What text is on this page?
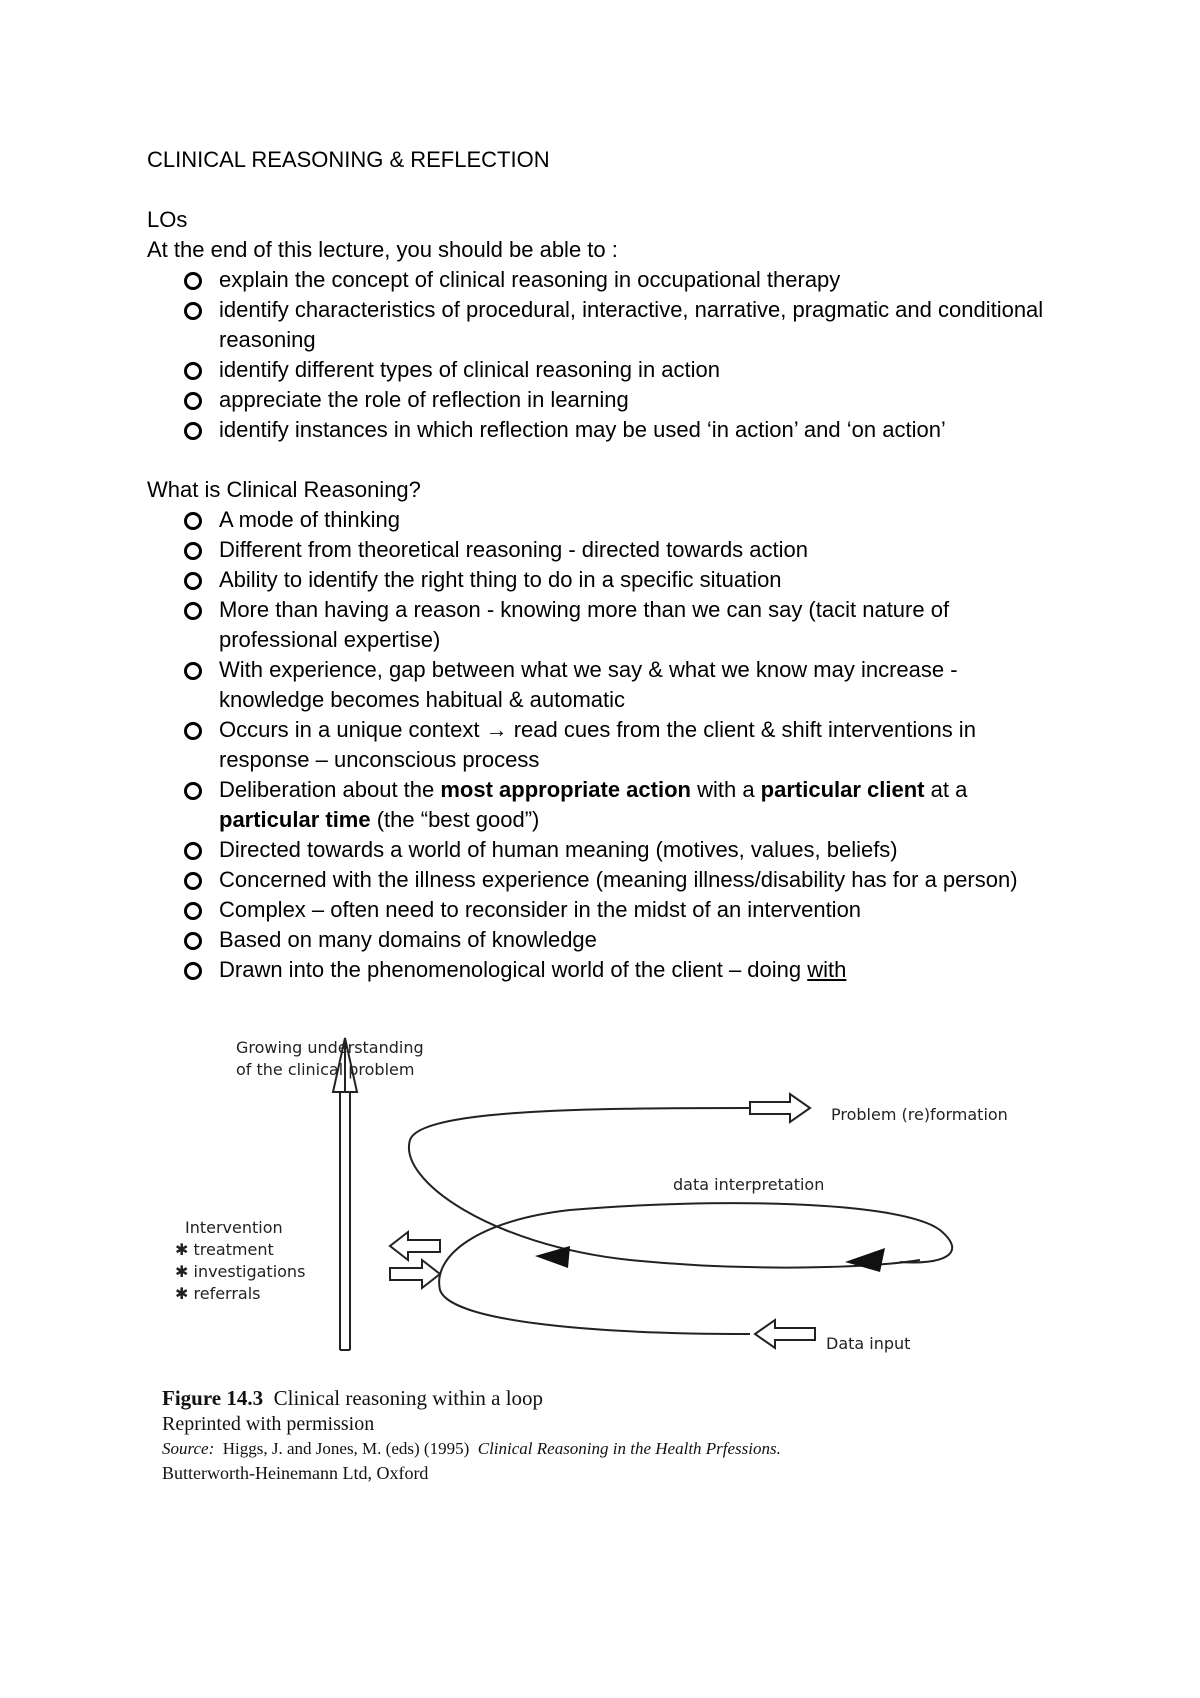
CLINICAL REASONING & REFLECTION

LOs

At the end of this lecture, you should be able to :

explain the concept of clinical reasoning in occupational therapy
identify characteristics of procedural, interactive, narrative, pragmatic and conditional reasoning
identify different types of clinical reasoning in action
appreciate the role of reflection in learning
identify instances in which reflection may be used ‘in action’ and ‘on action’

What is Clinical Reasoning?

A mode of thinking
Different from theoretical reasoning - directed towards action
Ability to identify the right thing to do in a specific situation
More than having a reason - knowing more than we can say (tacit nature of professional expertise)
With experience, gap between what we say & what we know may increase - knowledge becomes habitual & automatic
Occurs in a unique context → read cues from the client & shift interventions in response – unconscious process
Deliberation about the most appropriate action with a particular client at a particular time (the “best good”)
Directed towards a world of human meaning (motives, values, beliefs)
Concerned with the illness experience (meaning illness/disability has for a person)
Complex – often need to reconsider in the midst of an intervention
Based on many domains of knowledge
Drawn into the phenomenological world of the client – doing with
Growing understanding
of the clinical problem
Problem (re)formation
data interpretation
Intervention
✱ treatment
✱ investigations
✱ referrals
Data input
Figure 14.3 Clinical reasoning within a loop
Reprinted with permission
Source: Higgs, J. and Jones, M. (eds) (1995) Clinical Reasoning in the Health Prfessions.
Butterworth-Heinemann Ltd, Oxford
